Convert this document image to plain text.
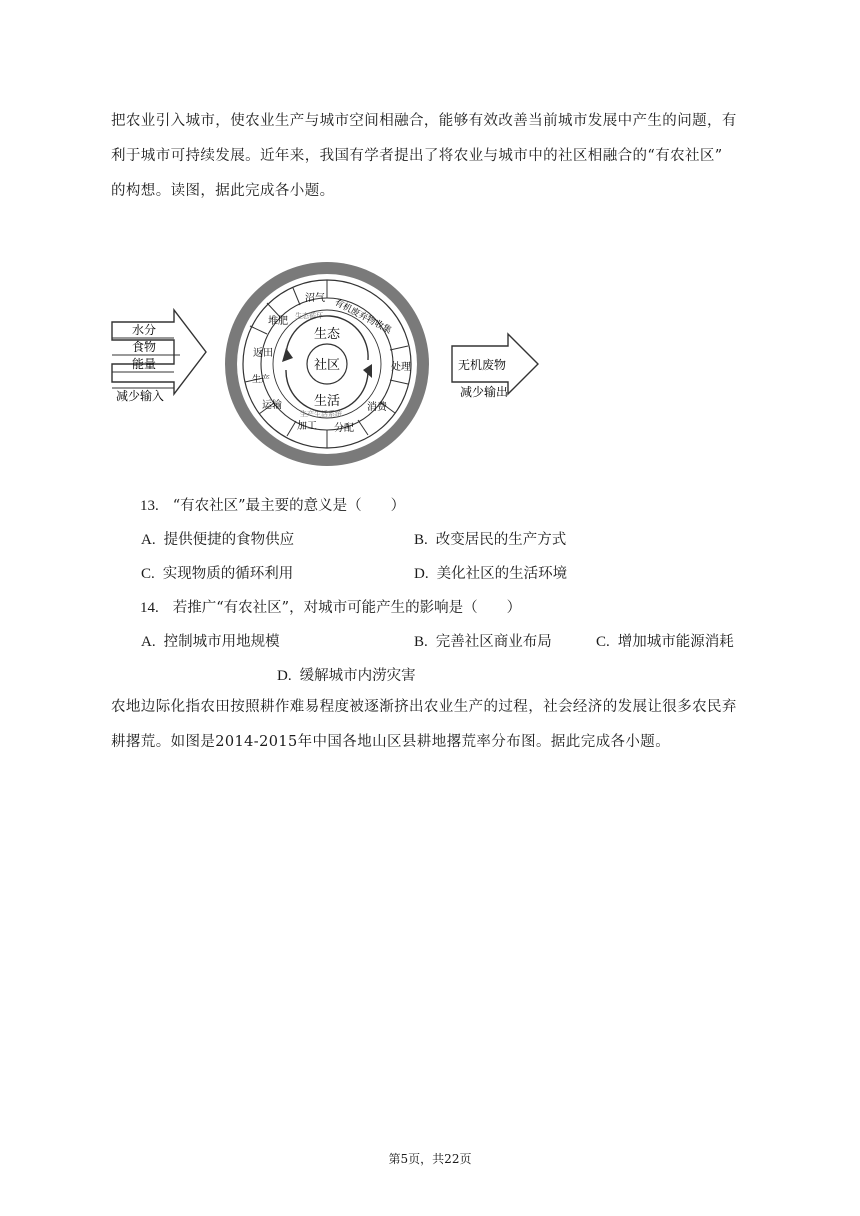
把农业引入城市，使农业生产与城市空间相融合，能够有效改善当前城市发展中产生的问题，有
利于城市可持续发展。近年来，我国有学者提出了将农业与城市中的社区相融合的“有农社区”
的构想。读图，据此完成各小题。
水分
食物
能量
减少输入
返田
堆肥
沼气 有机废弃物收集
处理
消费
分配
加工
运输
生产
生态循环
生产生活系统
社区
生态
生活
无机废物
减少输出
13. “有农社区”最主要的意义是（　　）
A. 提供便捷的食物供应	B. 改变居民的生产方式
C. 实现物质的循环利用	D. 美化社区的生活环境
14. 若推广“有农社区”，对城市可能产生的影响是（　　）
A. 控制城市用地规模	B. 完善社区商业布局	C. 增加城市能源消耗
D. 缓解城市内涝灾害
农地边际化指农田按照耕作难易程度被逐渐挤出农业生产的过程，社会经济的发展让很多农民弃
耕撂荒。如图是2014-2015年中国各地山区县耕地撂荒率分布图。据此完成各小题。
第5页，共22页
